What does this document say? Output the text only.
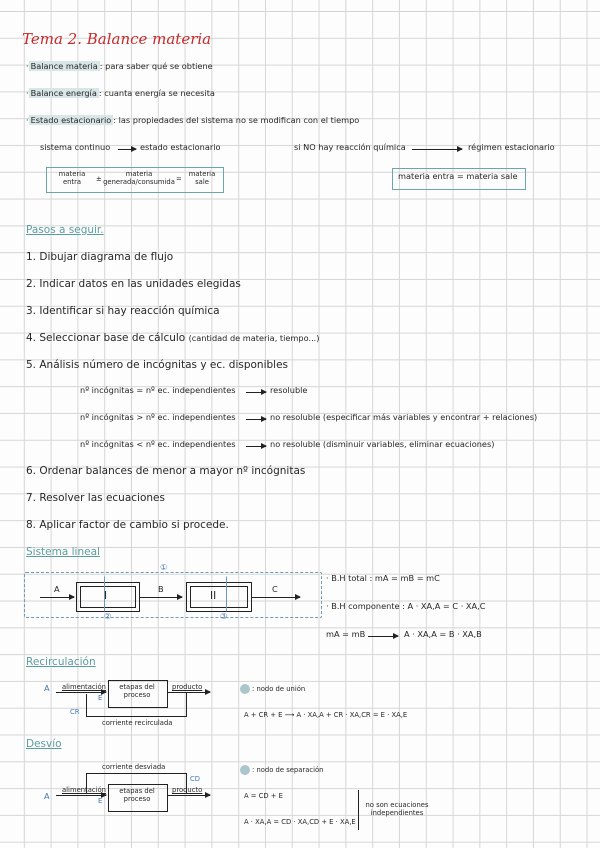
Tema 2. Balance materia
· Balance materia : para saber qué se obtiene
· Balance energía : cuanta energía se necesita
· Estado estacionario : las propiedades del sistema no se modifican con el tiempo
sistema continuo	estado estacionario	si NO hay reacción química	régimen estacionario
materia
entra	±
materia
generada/consumida =
materia
sale
materia entra = materia sale
Pasos a seguir.
1. Dibujar diagrama de flujo
2. Indicar datos en las unidades elegidas
3. Identificar si hay reacción química
4. Seleccionar base de cálculo (cantidad de materia, tiempo...)
5. Análisis número de incógnitas y ec. disponibles
nº incógnitas = nº ec. independientes	resoluble
nº incógnitas > nº ec. independientes	no resoluble (especificar más variables y encontrar + relaciones)
nº incógnitas < nº ec. independientes	no resoluble (disminuir variables, eliminar ecuaciones)
6. Ordenar balances de menor a mayor nº incógnitas
7. Resolver las ecuaciones
8. Aplicar factor de cambio si procede.
Sistema lineal
①
A
I
②
B
II
③
C
· B.H total : mA = mB = mC
· B.H componente : A · XA,A = C · XA,C
mA = mB	A · XA,A = B · XA,B
Recirculación
A alimentación
E
etapas del
proceso
producto
CR
corriente recirculada
: nodo de unión
A + CR + E ⟶ A · XA,A + CR · XA,CR = E · XA,E
Desvío
corriente desviada
CD
A
alimentación
E
etapas del
proceso
producto
: nodo de separación
A = CD + E
A · XA,A = CD · XA,CD + E · XA,E
no son ecuaciones
independientes
